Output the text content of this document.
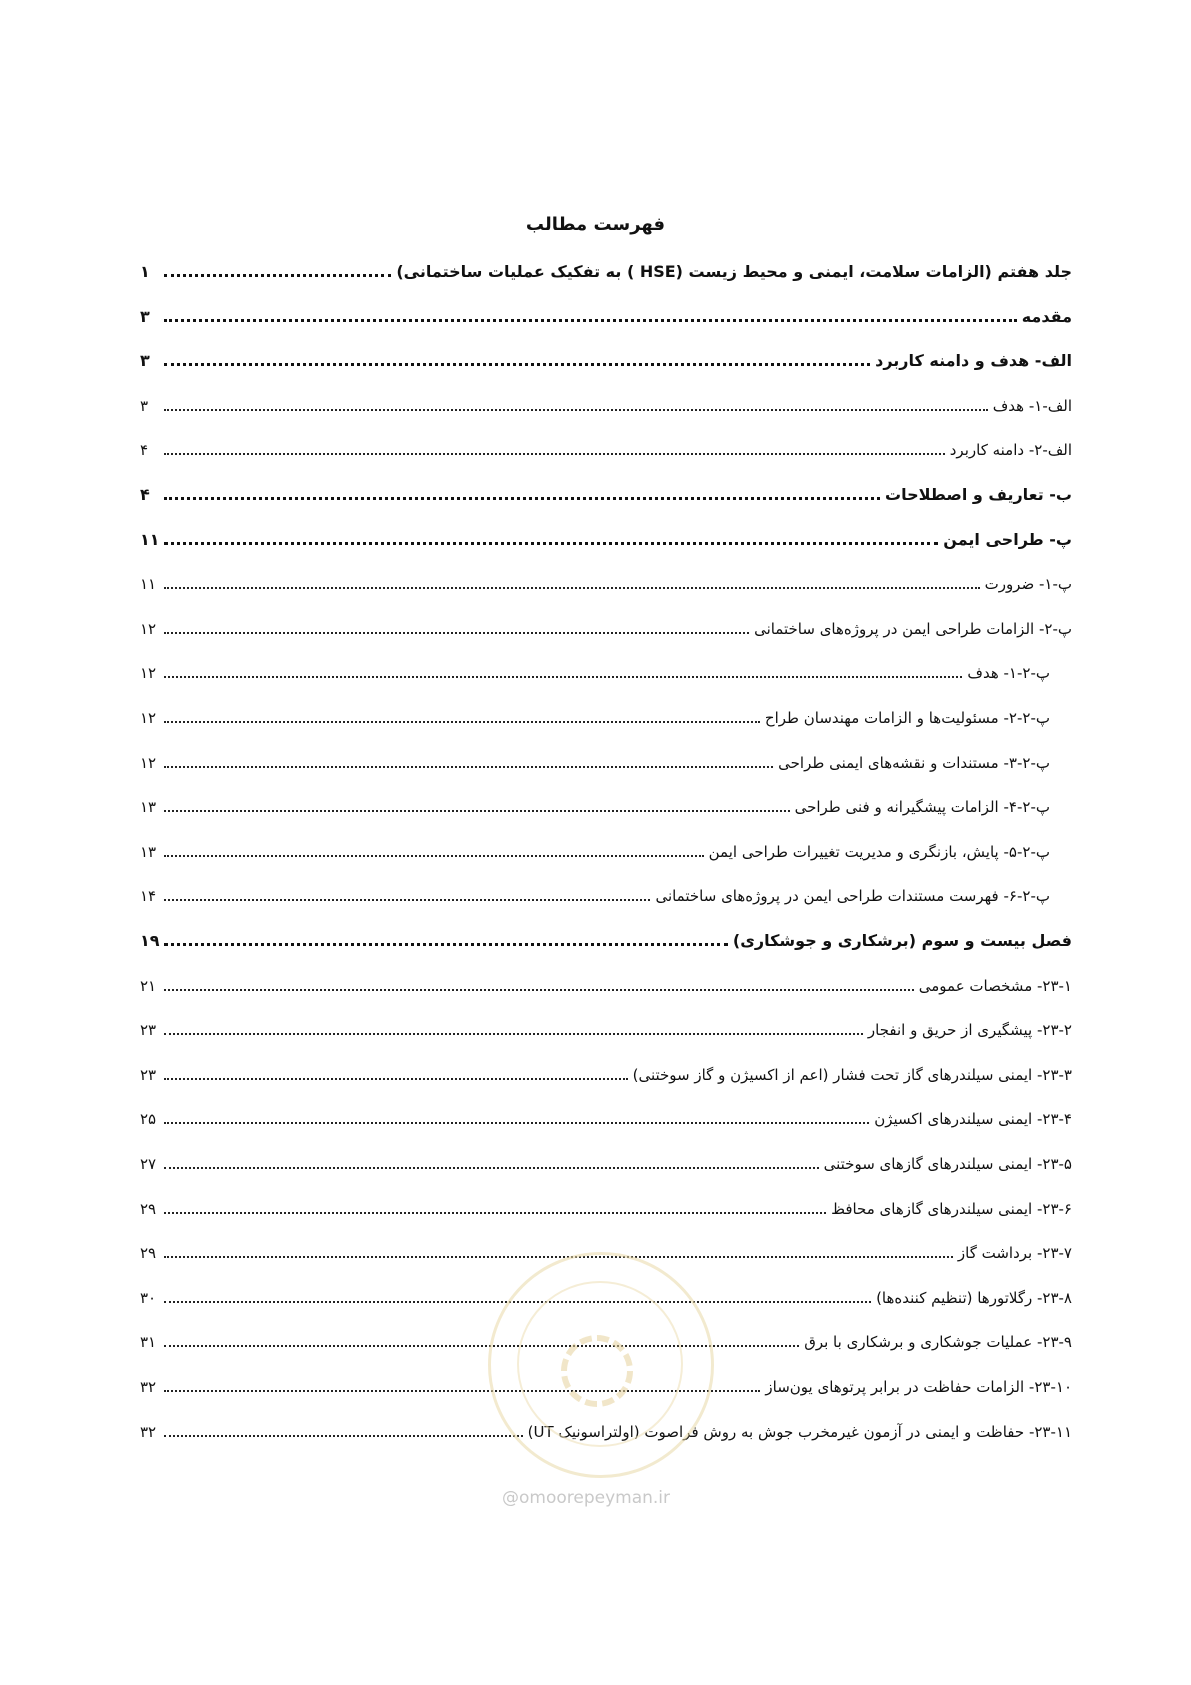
فهرست مطالب
جلد هفتم (الزامات سلامت، ایمنی و محیط زیست (HSE ) به تفکیک عملیات ساختمانی)
۱
مقدمه
۳
الف- هدف و دامنه کاربرد
۳
الف-۱- هدف
۳
الف-۲- دامنه کاربرد
۴
ب- تعاریف و اصطلاحات
۴
پ- طراحی ایمن
۱۱
پ-۱- ضرورت
۱۱
پ-۲- الزامات طراحی ایمن در پروژه‌های ساختمانی
۱۲
پ-۲-۱- هدف
۱۲
پ-۲-۲- مسئولیت‌ها و الزامات مهندسان طراح
۱۲
پ-۲-۳- مستندات و نقشه‌های ایمنی طراحی
۱۲
پ-۲-۴- الزامات پیشگیرانه و فنی طراحی
۱۳
پ-۲-۵- پایش، بازنگری و مدیریت تغییرات طراحی ایمن
۱۳
پ-۲-۶- فهرست مستندات طراحی ایمن در پروژه‌های ساختمانی
۱۴
فصل بیست و سوم (برشکاری و جوشکاری)
۱۹
۲۳-۱- مشخصات عمومی
۲۱
۲۳-۲- پیشگیری از حریق و انفجار
۲۳
۲۳-۳- ایمنی سیلندرهای گاز تحت فشار (اعم از اکسیژن و گاز سوختنی)
۲۳
۲۳-۴- ایمنی سیلندرهای اکسیژن
۲۵
۲۳-۵- ایمنی سیلندرهای گازهای سوختنی
۲۷
۲۳-۶- ایمنی سیلندرهای گازهای محافظ
۲۹
۲۳-۷- برداشت گاز
۲۹
۲۳-۸- رگلاتورها (تنظیم کننده‌ها)
۳۰
۲۳-۹- عملیات جوشکاری و برشکاری با برق
۳۱
۲۳-۱۰- الزامات حفاظت در برابر پرتوهای یون‌ساز
۳۲
۲۳-۱۱- حفاظت و ایمنی در آزمون غیرمخرب جوش به روش فراصوت (اولتراسونیک UT)
۳۲
@omoorepeyman.ir
